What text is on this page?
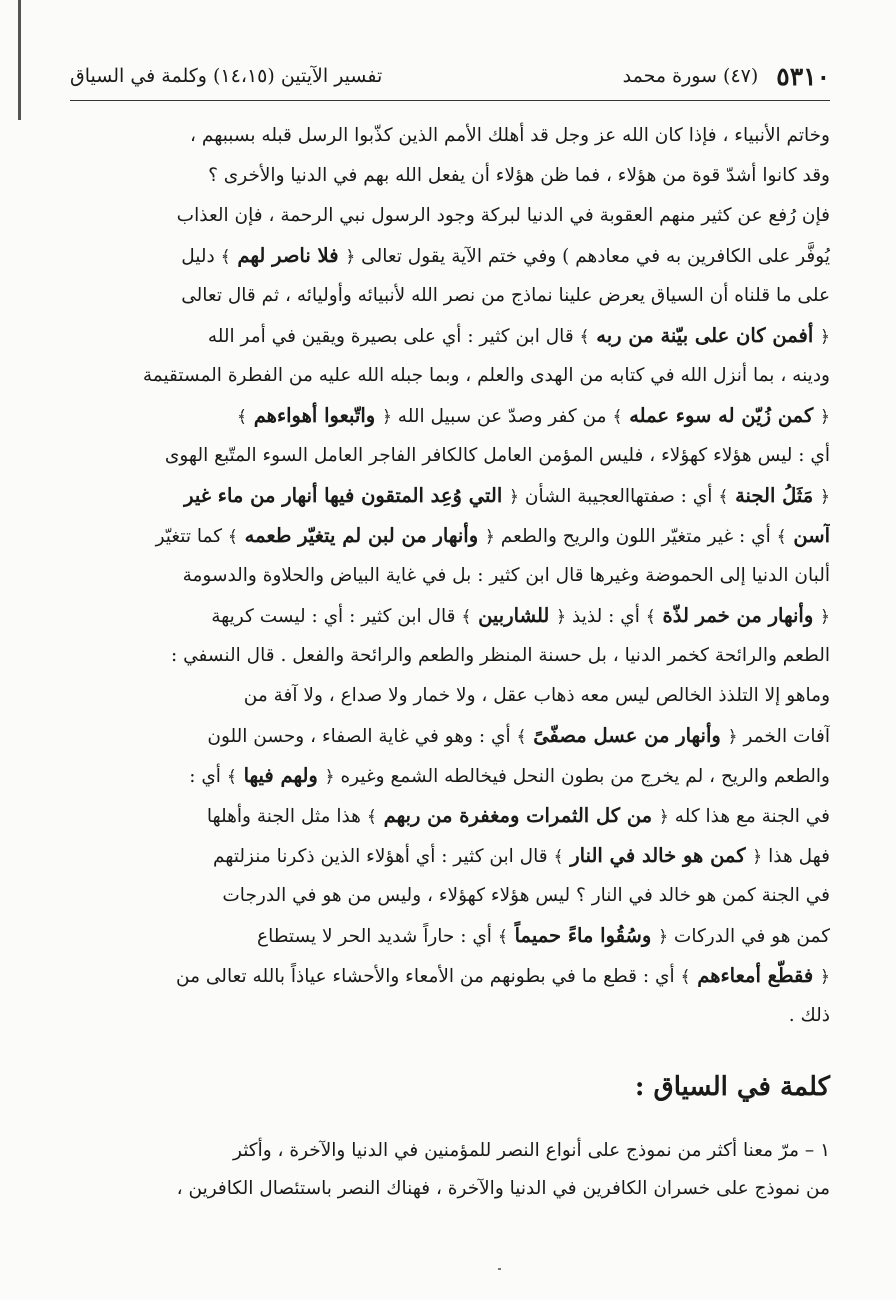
٥٣١٠
(٤٧) سورة محمد
تفسير الآيتين (١٤،١٥) وكلمة في السياق
وخاتم الأنبياء ، فإذا كان الله عز وجل قد أهلك الأمم الذين كذّبوا الرسل قبله بسببهم ،
وقد كانوا أشدّ قوة من هؤلاء ، فما ظن هؤلاء أن يفعل الله بهم في الدنيا والأخرى ؟
فإن رُفع عن كثير منهم العقوبة في الدنيا لبركة وجود الرسول نبي الرحمة ، فإن العذاب
يُوفَّر على الكافرين به في معادهم ) وفي ختم الآية يقول تعالى ﴿ فلا ناصر لهم ﴾ دليل
على ما قلناه أن السياق يعرض علينا نماذج من نصر الله لأنبيائه وأوليائه ، ثم قال تعالى
﴿ أفمن كان على بيّنة من ربه ﴾ قال ابن كثير : أي على بصيرة ويقين في أمر الله
ودينه ، بما أنزل الله في كتابه من الهدى والعلم ، وبما جبله الله عليه من الفطرة المستقيمة
﴿ كمن زُيّن له سوء عمله ﴾ من كفر وصدّ عن سبيل الله ﴿ واتّبعوا أهواءهم ﴾
أي : ليس هؤلاء كهؤلاء ، فليس المؤمن العامل كالكافر الفاجر العامل السوء المتّبع الهوى
﴿ مَثَلُ الجنة ﴾ أي : صفتهاالعجيبة الشأن ﴿ التي وُعِد المتقون فيها أنهار من ماء غير
آسن ﴾ أي : غير متغيّر اللون والريح والطعم ﴿ وأنهار من لبن لم يتغيّر طعمه ﴾ كما تتغيّر
ألبان الدنيا إلى الحموضة وغيرها قال ابن كثير : بل في غاية البياض والحلاوة والدسومة
﴿ وأنهار من خمر لذّة ﴾ أي : لذيذ ﴿ للشاربين ﴾ قال ابن كثير : أي : ليست كريهة
الطعم والرائحة كخمر الدنيا ، بل حسنة المنظر والطعم والرائحة والفعل . قال النسفي :
وماهو إلا التلذذ الخالص ليس معه ذهاب عقل ، ولا خمار ولا صداع ، ولا آفة من
آفات الخمر ﴿ وأنهار من عسل مصفّىً ﴾ أي : وهو في غاية الصفاء ، وحسن اللون
والطعم والريح ، لم يخرج من بطون النحل فيخالطه الشمع وغيره ﴿ ولهم فيها ﴾ أي :
في الجنة مع هذا كله ﴿ من كل الثمرات ومغفرة من ربهم ﴾ هذا مثل الجنة وأهلها
فهل هذا ﴿ كمن هو خالد في النار ﴾ قال ابن كثير : أي أهؤلاء الذين ذكرنا منزلتهم
في الجنة كمن هو خالد في النار ؟ ليس هؤلاء كهؤلاء ، وليس من هو في الدرجات
كمن هو في الدركات ﴿ وسُقُوا ماءً حميماً ﴾ أي : حاراً شديد الحر لا يستطاع
﴿ فقطّع أمعاءهم ﴾ أي : قطع ما في بطونهم من الأمعاء والأحشاء عياذاً بالله تعالى من
ذلك .
كلمة في السياق :
١ – مرّ معنا أكثر من نموذج على أنواع النصر للمؤمنين في الدنيا والآخرة ، وأكثر
من نموذج على خسران الكافرين في الدنيا والآخرة ، فهناك النصر باستئصال الكافرين ،
